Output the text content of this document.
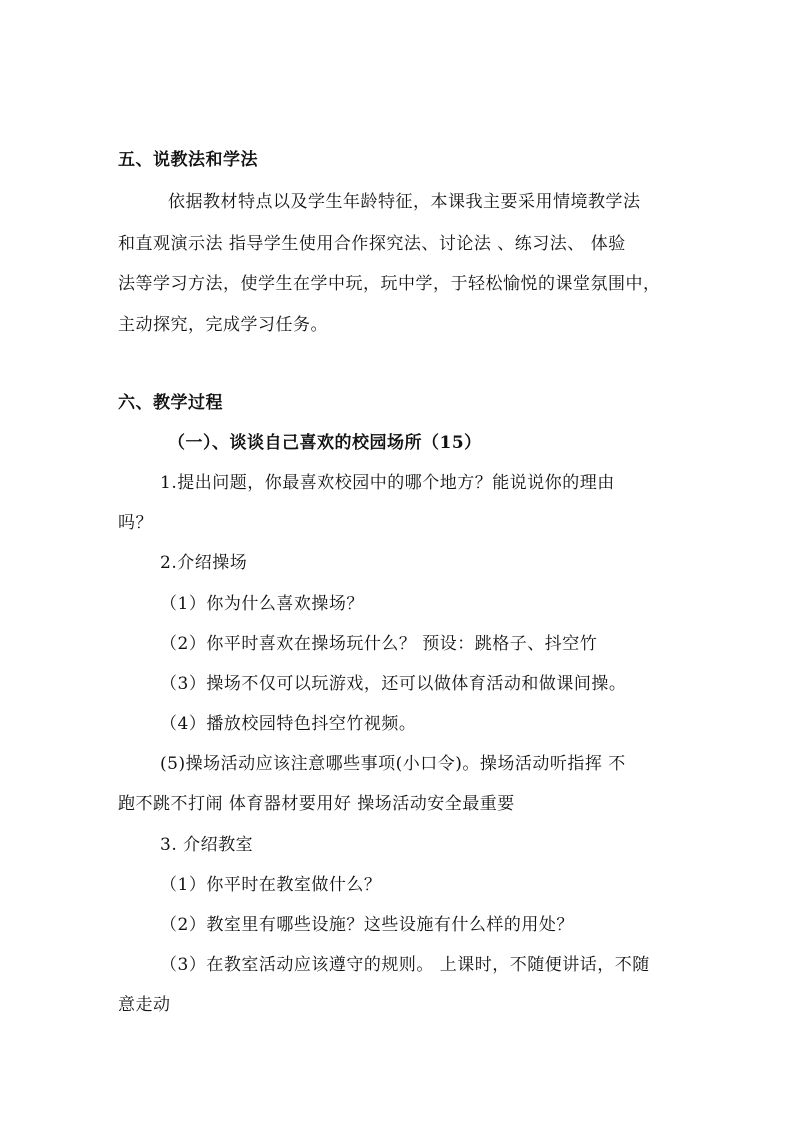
五、说教法和学法
依据教材特点以及学生年龄特征，本课我主要采用情境教学法
和直观演示法 指导学生使用合作探究法、讨论法 、练习法、 体验
法等学习方法，使学生在学中玩，玩中学，于轻松愉悦的课堂氛围中，
主动探究，完成学习任务。
六、教学过程
（一）、谈谈自己喜欢的校园场所（15）
1.提出问题，你最喜欢校园中的哪个地方？能说说你的理由
吗？
2.介绍操场
（1）你为什么喜欢操场？
（2）你平时喜欢在操场玩什么？ 预设：跳格子、抖空竹
（3）操场不仅可以玩游戏，还可以做体育活动和做课间操。
（4）播放校园特色抖空竹视频。
(5)操场活动应该注意哪些事项(小口令)。操场活动听指挥 不
跑不跳不打闹 体育器材要用好 操场活动安全最重要
3. 介绍教室
（1）你平时在教室做什么？
（2）教室里有哪些设施？这些设施有什么样的用处？
（3）在教室活动应该遵守的规则。 上课时，不随便讲话，不随
意走动
